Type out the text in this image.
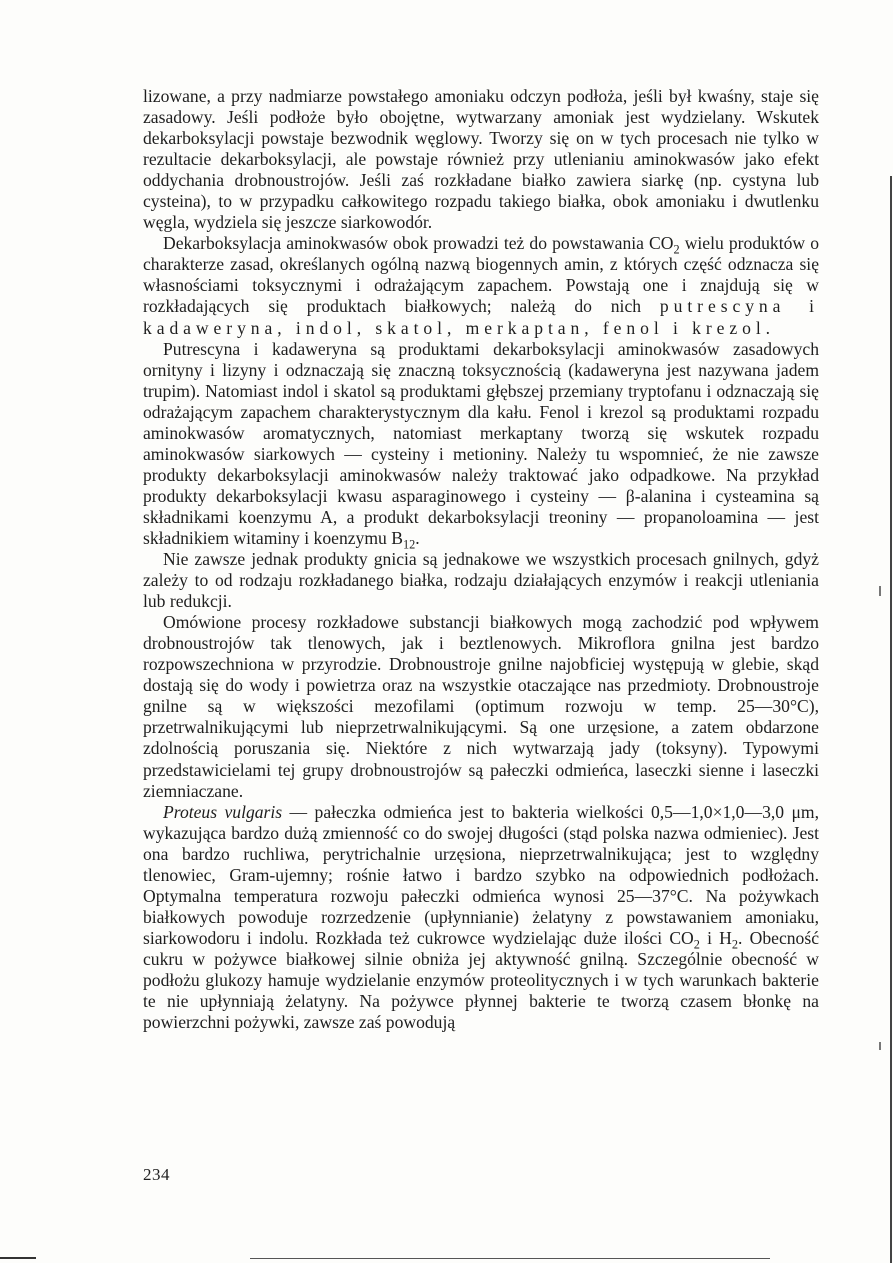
lizowane, a przy nadmiarze powstałego amoniaku odczyn podłoża, jeśli był kwaśny, staje się zasadowy. Jeśli podłoże było obojętne, wytwarzany amoniak jest wydzielany. Wskutek dekarboksylacji powstaje bezwodnik węglowy. Tworzy się on w tych procesach nie tylko w rezultacie dekarboksylacji, ale powstaje również przy utlenianiu aminokwasów jako efekt oddychania drobnoustrojów. Jeśli zaś rozkładane białko zawiera siarkę (np. cystyna lub cysteina), to w przypadku całkowitego rozpadu takiego białka, obok amoniaku i dwutlenku węgla, wydziela się jeszcze siarkowodór.

Dekarboksylacja aminokwasów obok prowadzi też do powstawania $CO_2$ wielu produktów o charakterze zasad, określanych ogólną nazwą biogennych amin, z których część odznacza się własnościami toksycznymi i odrażającym zapachem. Powstają one i znajdują się w rozkładających się produktach białkowych; należą do nich putrescyna i kadaweryna, indol, skatol, merkaptan, fenol i krezol.

Putrescyna i kadaweryna są produktami dekarboksylacji aminokwasów zasadowych ornityny i lizyny i odznaczają się znaczną toksycznością (kadaweryna jest nazywana jadem trupim). Natomiast indol i skatol są produktami głębszej przemiany tryptofanu i odznaczają się odrażającym zapachem charakterystycznym dla kału. Fenol i krezol są produktami rozpadu aminokwasów aromatycznych, natomiast merkaptany tworzą się wskutek rozpadu aminokwasów siarkowych — cysteiny i metioniny. Należy tu wspomnieć, że nie zawsze produkty dekarboksylacji aminokwasów należy traktować jako odpadkowe. Na przykład produkty dekarboksylacji kwasu asparaginowego i cysteiny — β-alanina i cysteamina są składnikami koenzymu A, a produkt dekarboksylacji treoniny — propanoloamina — jest składnikiem witaminy i koenzymu $B_{12}$.

Nie zawsze jednak produkty gnicia są jednakowe we wszystkich procesach gnilnych, gdyż zależy to od rodzaju rozkładanego białka, rodzaju działających enzymów i reakcji utleniania lub redukcji.

Omówione procesy rozkładowe substancji białkowych mogą zachodzić pod wpływem drobnoustrojów tak tlenowych, jak i beztlenowych. Mikroflora gnilna jest bardzo rozpowszechniona w przyrodzie. Drobnoustroje gnilne najobficiej występują w glebie, skąd dostają się do wody i powietrza oraz na wszystkie otaczające nas przedmioty. Drobnoustroje gnilne są w większości mezofilami (optimum rozwoju w temp. 25—30°C), przetrwalnikującymi lub nieprzetrwalnikującymi. Są one urzęsione, a zatem obdarzone zdolnością poruszania się. Niektóre z nich wytwarzają jady (toksyny). Typowymi przedstawicielami tej grupy drobnoustrojów są pałeczki odmieńca, laseczki sienne i laseczki ziemniaczane.

Proteus vulgaris — pałeczka odmieńca jest to bakteria wielkości 0,5—1,0×1,0—3,0 μm, wykazująca bardzo dużą zmienność co do swojej długości (stąd polska nazwa odmieniec). Jest ona bardzo ruchliwa, perytrichalnie urzęsiona, nieprzetrwalnikująca; jest to względny tlenowiec, Gram-ujemny; rośnie łatwo i bardzo szybko na odpowiednich podłożach. Optymalna temperatura rozwoju pałeczki odmieńca wynosi 25—37°C. Na pożywkach białkowych powoduje rozrzedzenie (upłynnianie) żelatyny z powstawaniem amoniaku, siarkowodoru i indolu. Rozkłada też cukrowce wydzielając duże ilości $CO_2$ i $H_2$. Obecność cukru w pożywce białkowej silnie obniża jej aktywność gnilną. Szczególnie obecność w podłożu glukozy hamuje wydzielanie enzymów proteolitycznych i w tych warunkach bakterie te nie upłynniają żelatyny. Na pożywce płynnej bakterie te tworzą czasem błonkę na powierzchni pożywki, zawsze zaś powodują

234
